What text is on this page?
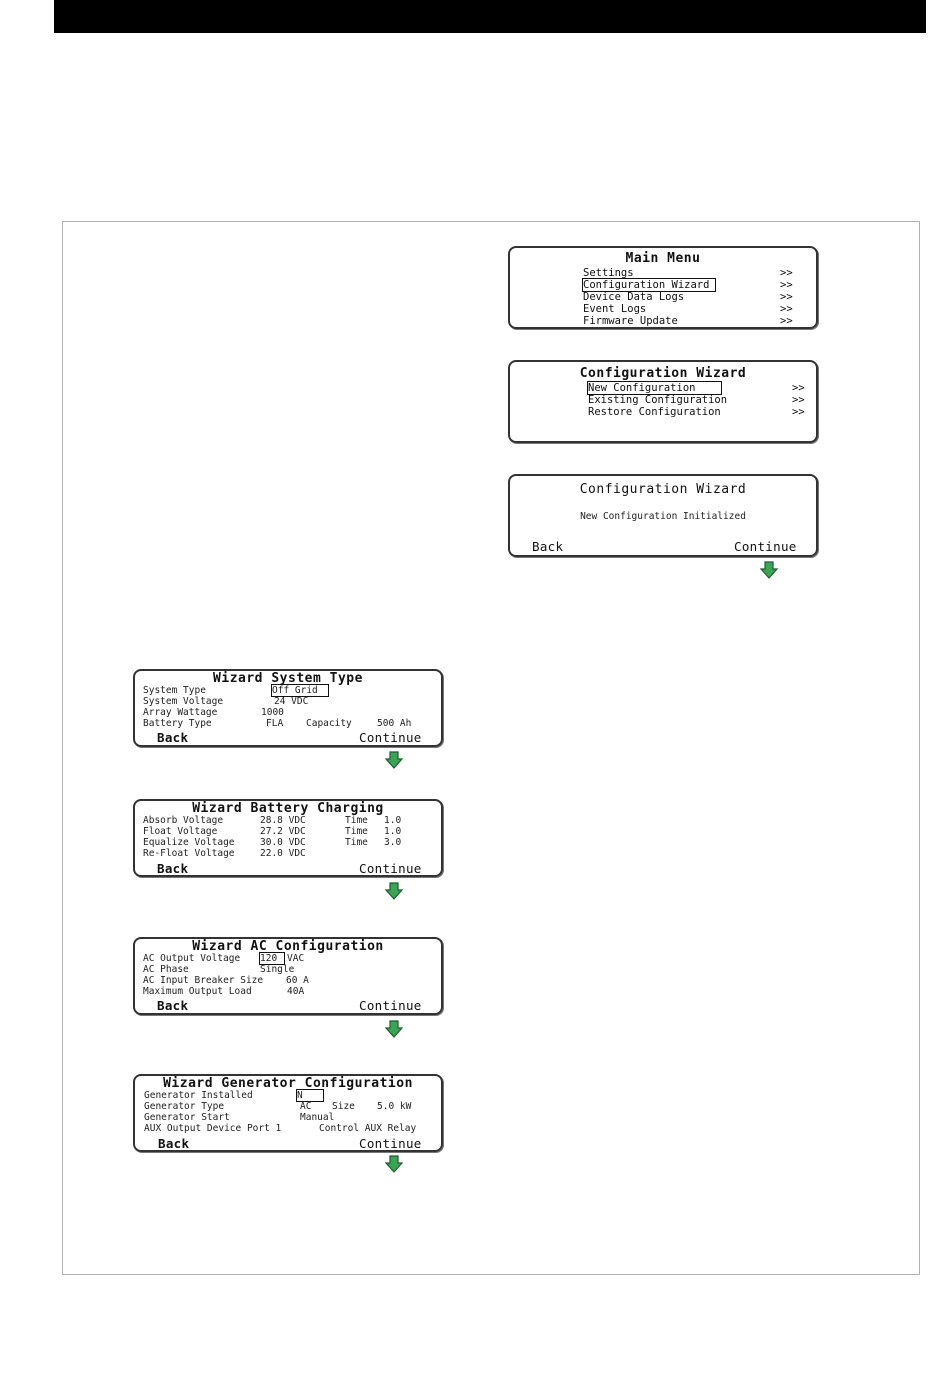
Main Menu
Settings	>>
Configuration Wizard	>>
Device Data Logs	>>
Event Logs	>>
Firmware Update	>>
Configuration Wizard
New Configuration	>>
Existing Configuration	>>
Restore Configuration	>>
Configuration Wizard
New Configuration Initialized
Back	Continue
Wizard System Type
System Type	Off Grid
System Voltage	24 VDC
Array Wattage	1000
Battery Type	FLA Capacity	500 Ah
Back	Continue
Wizard Battery Charging
Absorb Voltage	28.8 VDC	Time 1.0
Float Voltage	27.2 VDC	Time 1.0
Equalize Voltage	30.0 VDC	Time 3.0
Re-Float Voltage	22.0 VDC
Back	Continue
Wizard AC Configuration
AC Output Voltage 120	VAC
AC Phase	Single
AC Input Breaker Size 60 A
Maximum Output Load	40A
Back	Continue
Wizard Generator Configuration
Generator Installed	N
Generator Type	AC Size 5.0 kW
Generator Start	Manual
AUX Output Device Port 1	Control AUX Relay
Back	Continue
